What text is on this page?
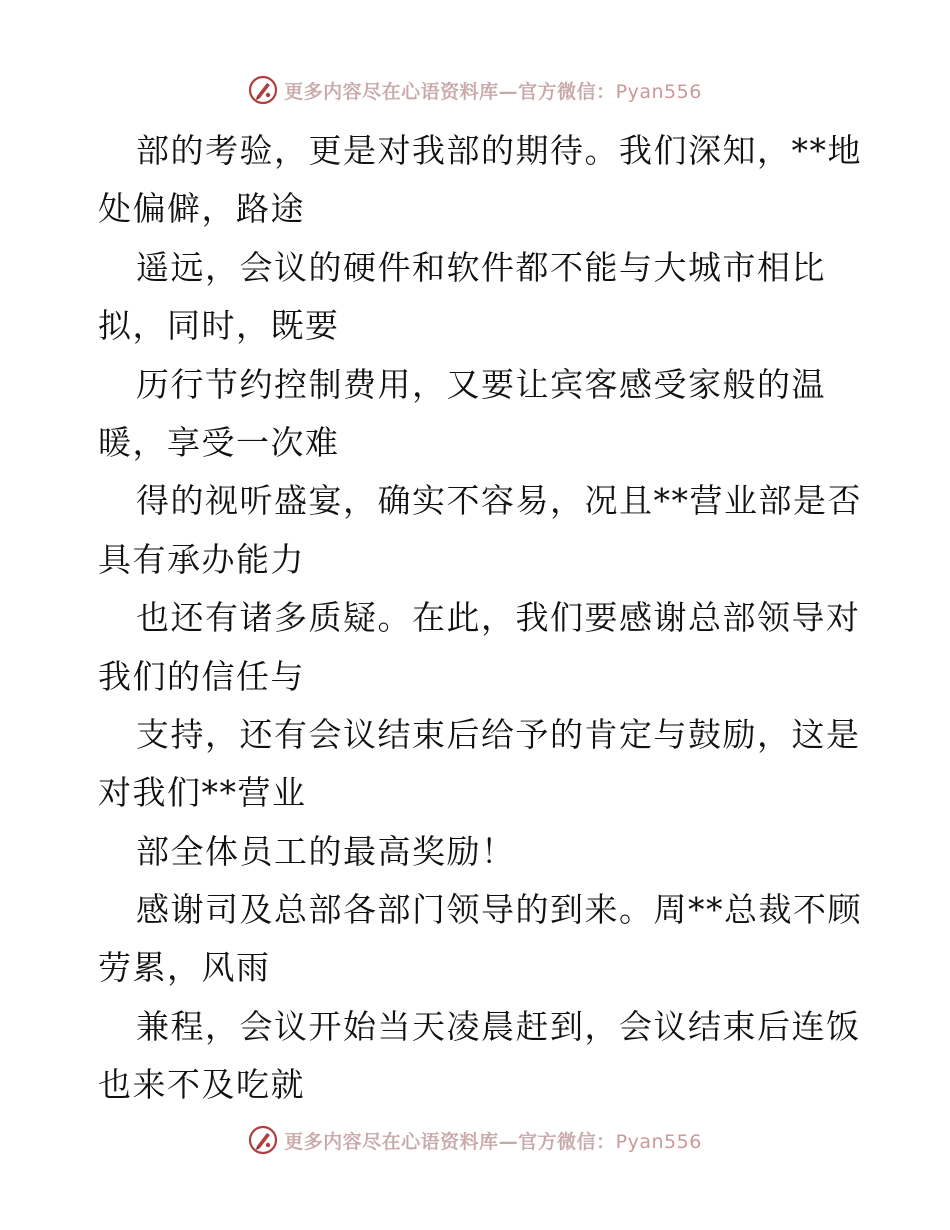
更多内容尽在心语资料库—官方微信：Pyan556
部的考验，更是对我部的期待。我们深知，**地
处偏僻，路途
遥远，会议的硬件和软件都不能与大城市相比
拟，同时，既要
历行节约控制费用，又要让宾客感受家般的温
暖，享受一次难
得的视听盛宴，确实不容易，况且**营业部是否
具有承办能力
也还有诸多质疑。在此，我们要感谢总部领导对
我们的信任与
支持，还有会议结束后给予的肯定与鼓励，这是
对我们**营业
部全体员工的最高奖励！
感谢司及总部各部门领导的到来。周**总裁不顾
劳累，风雨
兼程，会议开始当天凌晨赶到，会议结束后连饭
也来不及吃就
更多内容尽在心语资料库—官方微信：Pyan556
